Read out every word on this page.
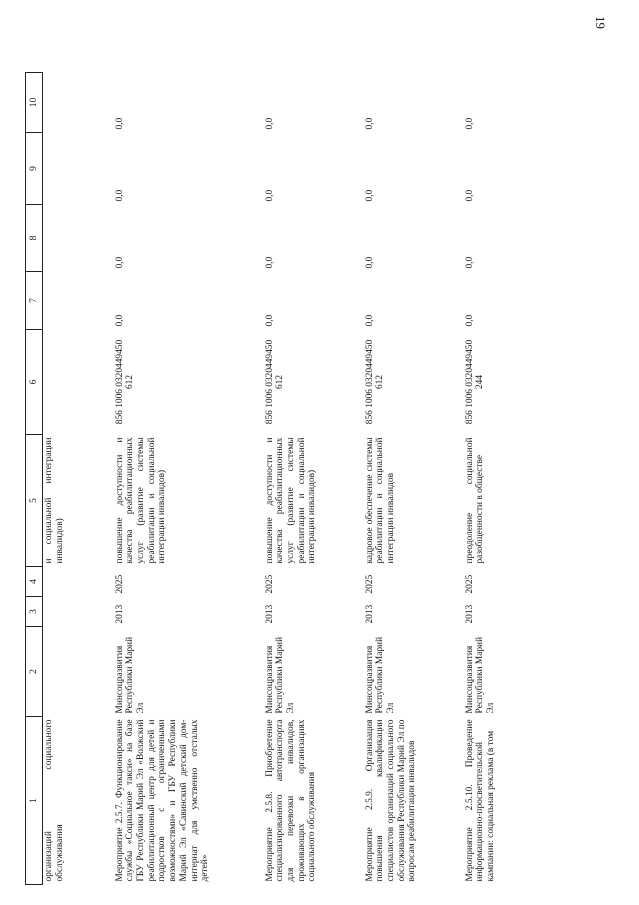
19
1	2	3	4	5	6	7	8	9	10
организаций социального обслуживания				и социальной интеграции инвалидов)					
Мероприятие 2.5.7. Функционирование службы «Социальное такси» на базе ГБУ Республики Марий Эл «Волжский реабилитационный центр для детей и подростков с ограниченными возможностями» и ГБУ Республики Марий Эл «Савинский детский дом-интернат для умственно отсталых детей»	Минсоцразвития Республики Марий Эл	2013	2025	повышение доступности и качества реабилитационных услуг (развитие системы реабилитации и социальной интеграции инвалидов)	856 1006 0320449450 612	0,0	0,0	0,0	0,0
Мероприятие 2.5.8. Приобретение специализированного автотранспорта для перевозки инвалидов, проживающих в организациях социального обслуживания	Минсоцразвития Республики Марий Эл	2013	2025	повышение доступности и качества реабилитационных услуг (развитие системы реабилитации и социальной интеграции инвалидов)	856 1006 0320449450 612	0,0	0,0	0,0	0,0
Мероприятие 2.5.9. Организация повышения квалификации специалистов организаций социального обслуживания Республики Марий Эл по вопросам реабилитации инвалидов	Минсоцразвития Республики Марий Эл	2013	2025	кадровое обеспечение системы реабилитации и социальной интеграции инвалидов	856 1006 0320449450 612	0,0	0,0	0,0	0,0
Мероприятие 2.5.10. Проведение информационно-просветительской кампании: социальная реклама (в том	Минсоцразвития Республики Марий Эл	2013	2025	преодоление социальной разобщенности в обществе	856 1006 0320449450 244	0,0	0,0	0,0	0,0
